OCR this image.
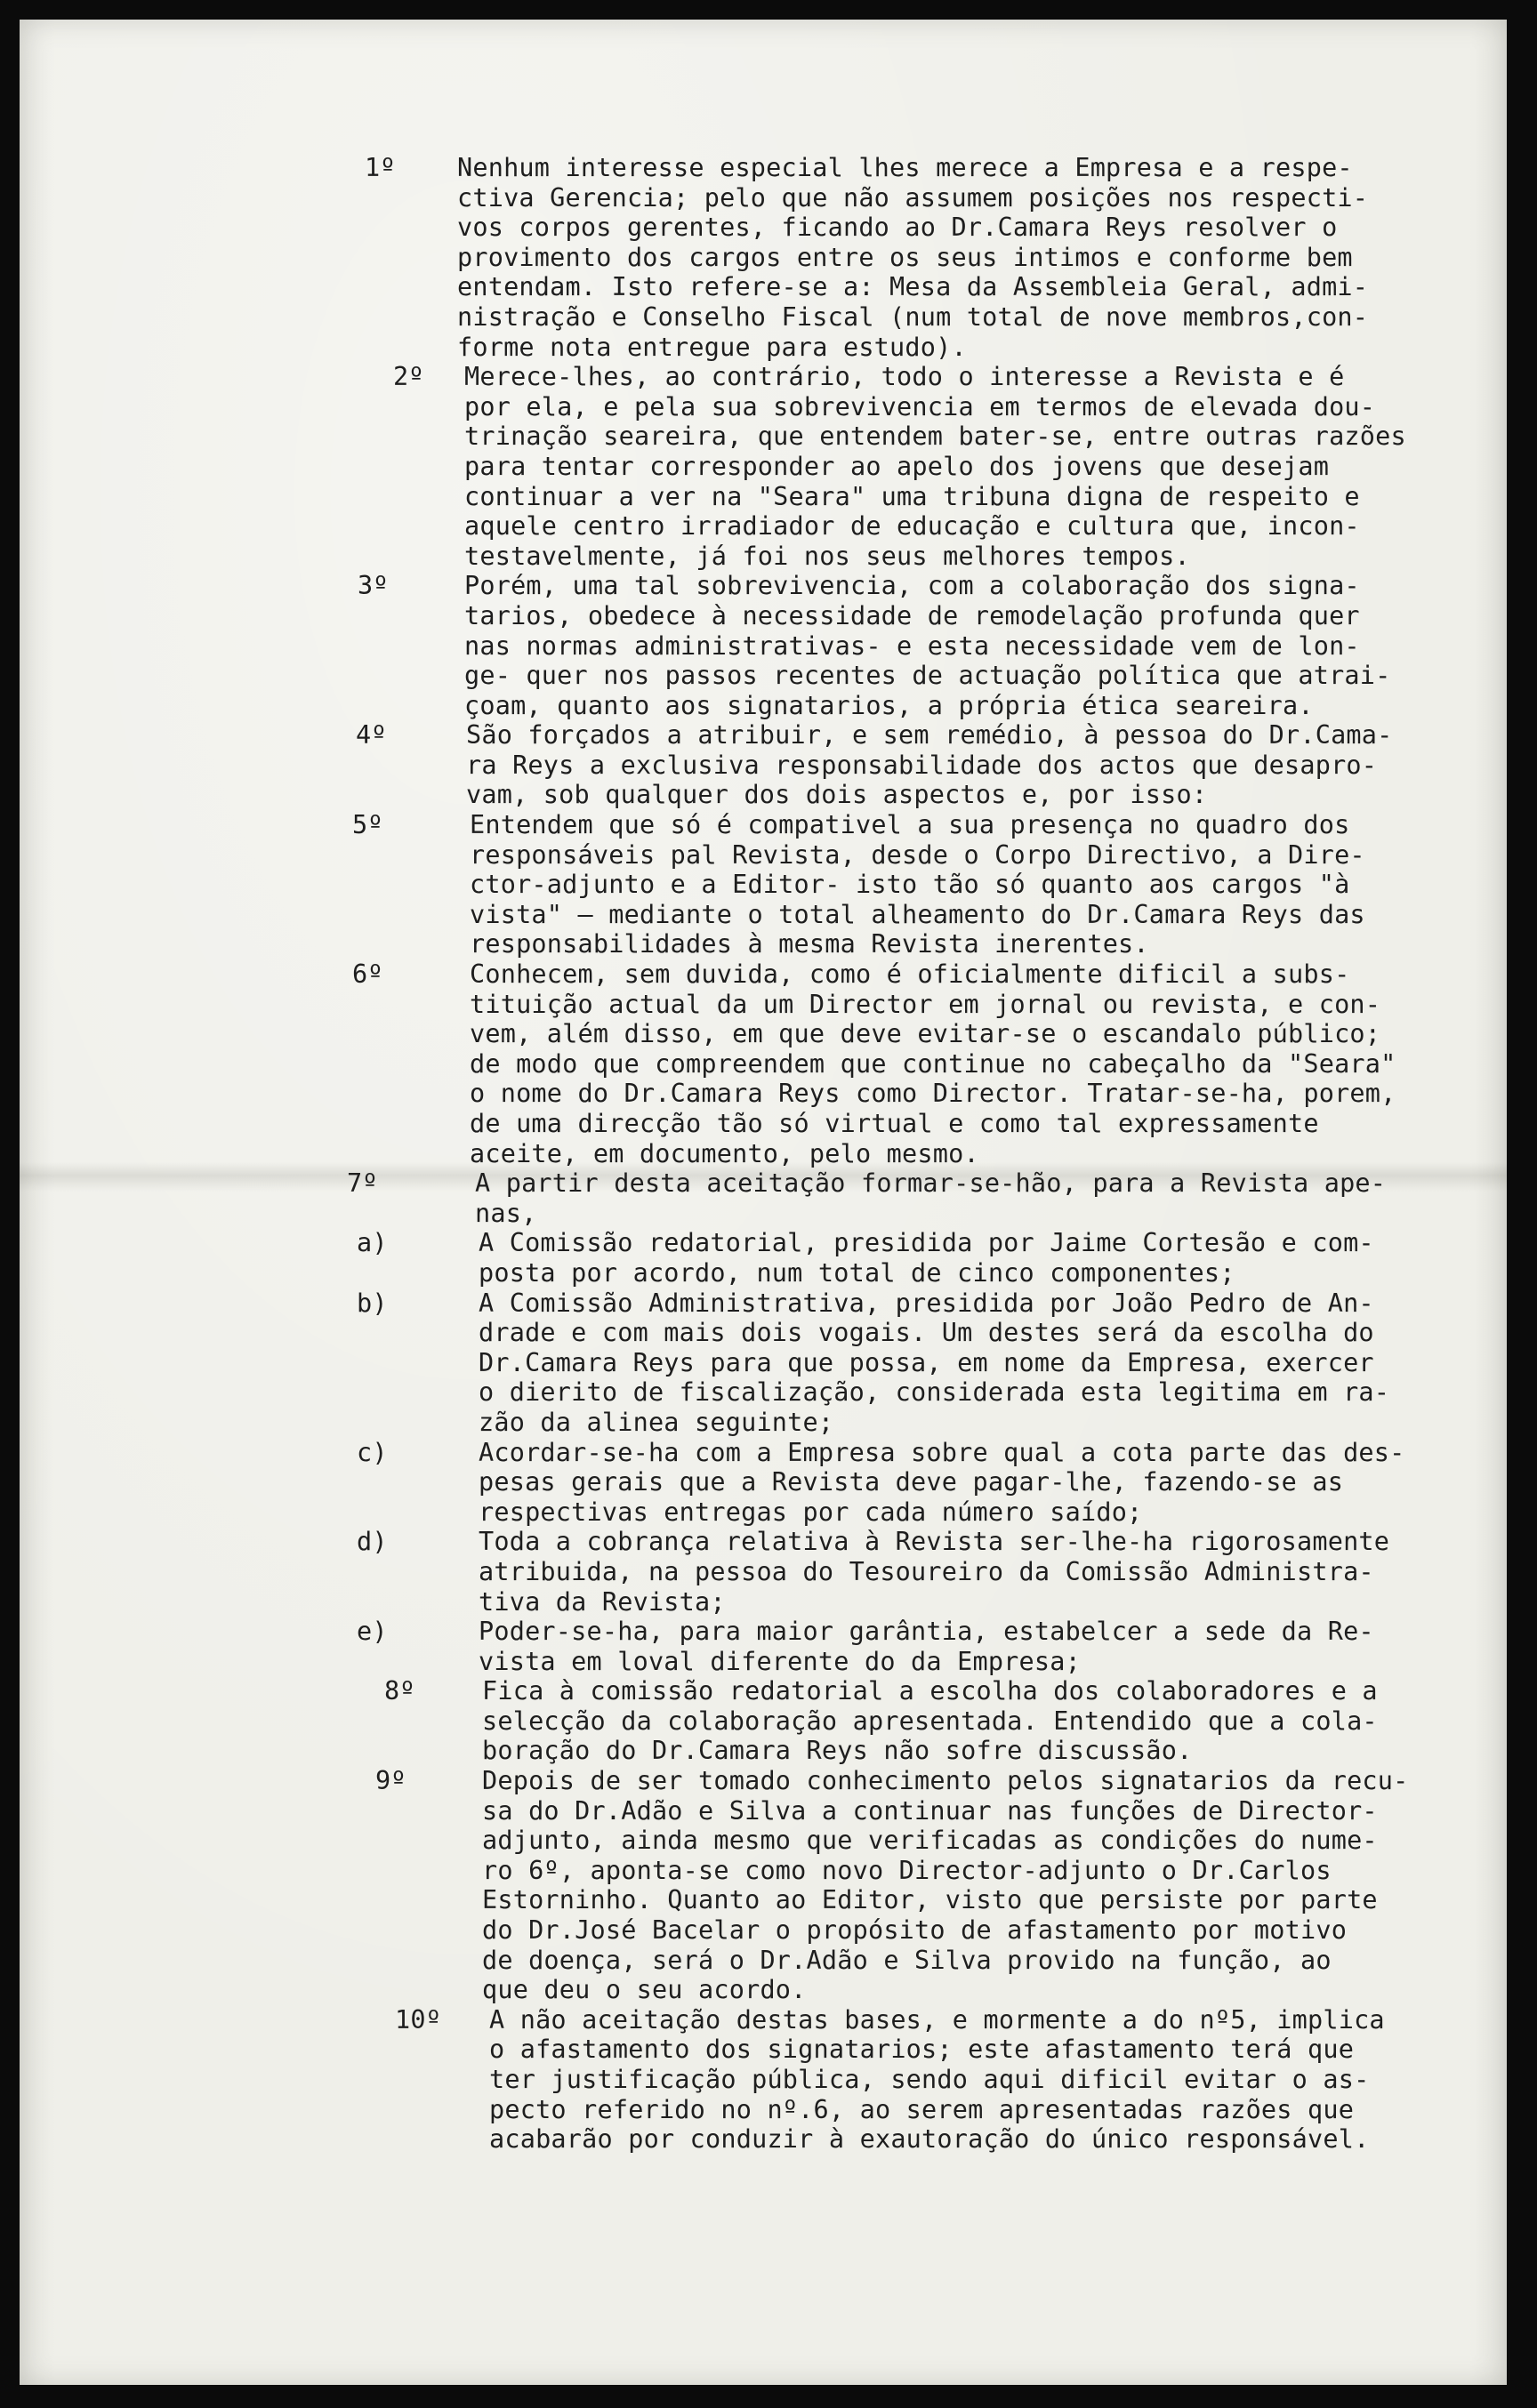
1º Nenhum interesse especial lhes merece a Empresa e a respe-
ctiva Gerencia; pelo que não assumem posições nos respecti-
vos corpos gerentes, ficando ao Dr.Camara Reys resolver o
provimento dos cargos entre os seus intimos e conforme bem
entendam. Isto refere-se a: Mesa da Assembleia Geral, admi-
nistração e Conselho Fiscal (num total de nove membros,con-
forme nota entregue para estudo).
2º Merece-lhes, ao contrário, todo o interesse a Revista e é
por ela, e pela sua sobrevivencia em termos de elevada dou-
trinação seareira, que entendem bater-se, entre outras razões
para tentar corresponder ao apelo dos jovens que desejam
continuar a ver na "Seara" uma tribuna digna de respeito e
aquele centro irradiador de educação e cultura que, incon-
testavelmente, já foi nos seus melhores tempos.
3º	Porém, uma tal sobrevivencia, com a colaboração dos signa-
tarios, obedece à necessidade de remodelação profunda quer
nas normas administrativas- e esta necessidade vem de lon-
ge- quer nos passos recentes de actuação política que atrai-
çoam, quanto aos signatarios, a própria ética seareira.
4º	São forçados a atribuir, e sem remédio, à pessoa do Dr.Cama-
ra Reys a exclusiva responsabilidade dos actos que desapro-
vam, sob qualquer dos dois aspectos e, por isso:
5º	Entendem que só é compativel a sua presença no quadro dos
responsáveis pal Revista, desde o Corpo Directivo, a Dire-
ctor-adjunto e a Editor- isto tão só quanto aos cargos "à
vista" — mediante o total alheamento do Dr.Camara Reys das
responsabilidades à mesma Revista inerentes.
6º	Conhecem, sem duvida, como é oficialmente dificil a subs-
tituição actual da um Director em jornal ou revista, e con-
vem, além disso, em que deve evitar-se o escandalo público;
de modo que compreendem que continue no cabeçalho da "Seara"
o nome do Dr.Camara Reys como Director. Tratar-se-ha, porem,
de uma direcção tão só virtual e como tal expressamente
aceite, em documento, pelo mesmo.
7º	A partir desta aceitação formar-se-hão, para a Revista ape-
nas,
a)	A Comissão redatorial, presidida por Jaime Cortesão e com-
posta por acordo, num total de cinco componentes;
b)	A Comissão Administrativa, presidida por João Pedro de An-
drade e com mais dois vogais. Um destes será da escolha do
Dr.Camara Reys para que possa, em nome da Empresa, exercer
o dierito de fiscalização, considerada esta legitima em ra-
zão da alinea seguinte;
c)	Acordar-se-ha com a Empresa sobre qual a cota parte das des-
pesas gerais que a Revista deve pagar-lhe, fazendo-se as
respectivas entregas por cada número saído;
d)	Toda a cobrança relativa à Revista ser-lhe-ha rigorosamente
atribuida, na pessoa do Tesoureiro da Comissão Administra-
tiva da Revista;
e)	Poder-se-ha, para maior garântia, estabelcer a sede da Re-
vista em loval diferente do da Empresa;
8º	Fica à comissão redatorial a escolha dos colaboradores e a
selecção da colaboração apresentada. Entendido que a cola-
boração do Dr.Camara Reys não sofre discussão.
9º	Depois de ser tomado conhecimento pelos signatarios da recu-
sa do Dr.Adão e Silva a continuar nas funções de Director-
adjunto, ainda mesmo que verificadas as condições do nume-
ro 6º, aponta-se como novo Director-adjunto o Dr.Carlos
Estorninho. Quanto ao Editor, visto que persiste por parte
do Dr.José Bacelar o propósito de afastamento por motivo
de doença, será o Dr.Adão e Silva provido na função, ao
que deu o seu acordo.
10º A não aceitação destas bases, e mormente a do nº5, implica
o afastamento dos signatarios; este afastamento terá que
ter justificação pública, sendo aqui dificil evitar o as-
pecto referido no nº.6, ao serem apresentadas razões que
acabarão por conduzir à exautoração do único responsável.
